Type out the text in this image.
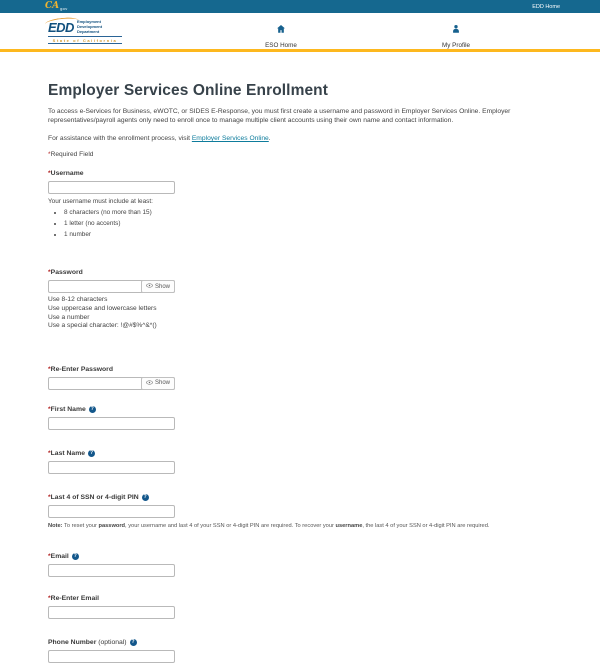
CA gov	EDD Home
EDD Employment
Development
Department
State of California
ESO Home	My Profile
Employer Services Online Enrollment

To access e-Services for Business, eWOTC, or SIDES E-Response, you must first create a username and password in Employer Services Online. Employer representatives/payroll agents only need to enroll once to manage multiple client accounts using their own name and contact information.

For assistance with the enrollment process, visit Employer Services Online.

*Required Field

*Username
Your username must include at least:
• 8 characters (no more than 15)
• 1 letter (no accents)
• 1 number
*Password
Show
Use 8-12 characters
Use uppercase and lowercase letters
Use a number
Use a special character: !@#$%^&*()
*Re-Enter Password
Show
*First Name ?
*Last Name ?
*Last 4 of SSN or 4-digit PIN ?

Note: To reset your password, your username and last 4 of your SSN or 4-digit PIN are required. To recover your username, the last 4 of your SSN or 4-digit PIN are required.

*Email ?
*Re-Enter Email
Phone Number (optional) ?
